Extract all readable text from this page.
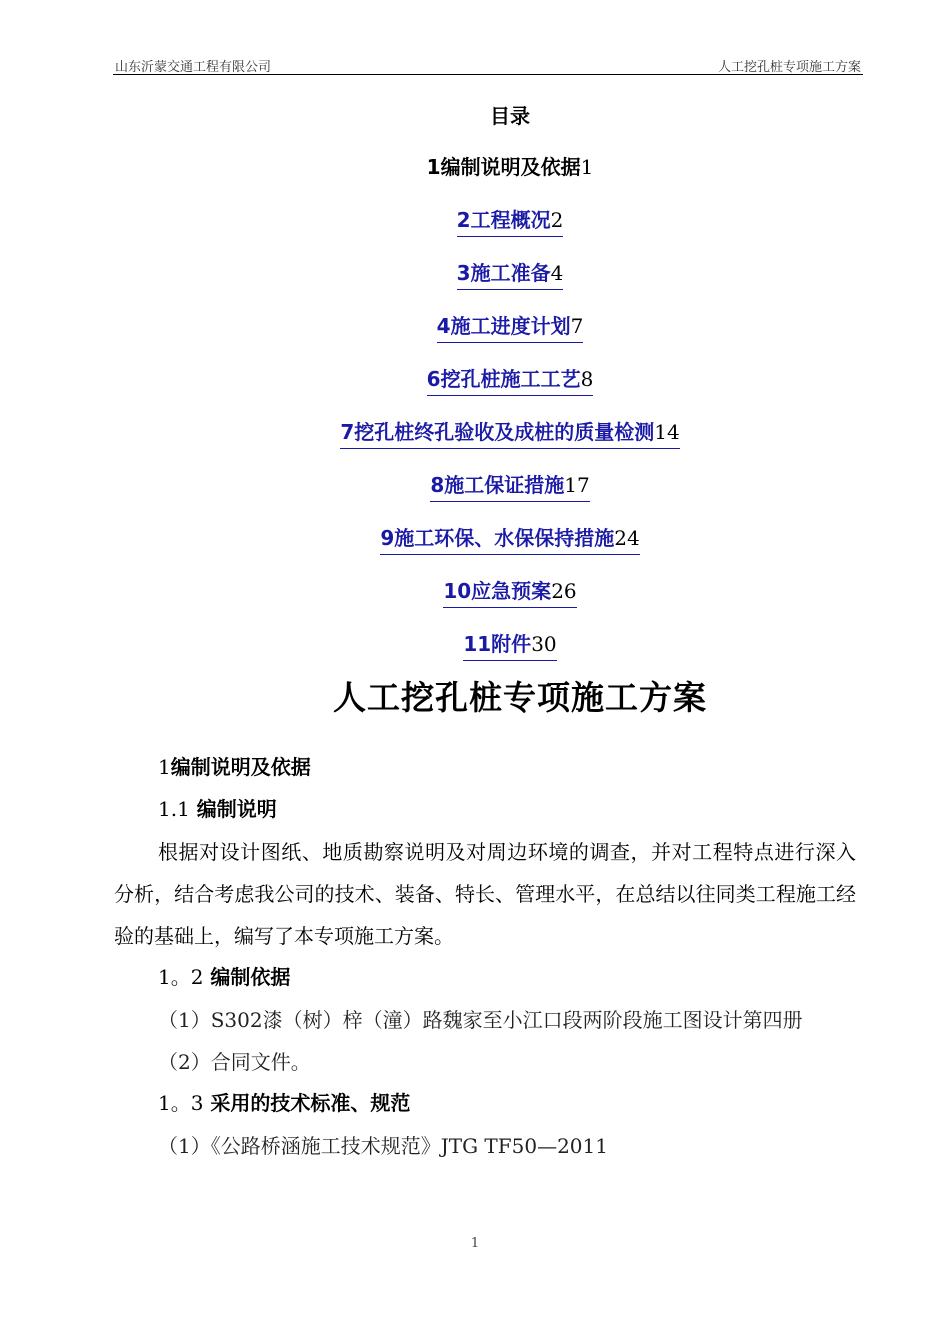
山东沂蒙交通工程有限公司	人工挖孔桩专项施工方案
目录
1编制说明及依据1
2工程概况2
3施工准备4
4施工进度计划7
6挖孔桩施工工艺8
7挖孔桩终孔验收及成桩的质量检测14
8施工保证措施17
9施工环保、水保保持措施24
10应急预案26
11附件30
人工挖孔桩专项施工方案
1编制说明及依据
1.1 编制说明

根据对设计图纸、地质勘察说明及对周边环境的调查，并对工程特点进行深入分析，结合考虑我公司的技术、装备、特长、管理水平，在总结以往同类工程施工经验的基础上，编写了本专项施工方案。

1。2 编制依据
（1）S302漆（树）梓（潼）路魏家至小江口段两阶段施工图设计第四册
（2）合同文件。
1。3 采用的技术标准、规范
（1）《公路桥涵施工技术规范》JTG TF50—2011
1
